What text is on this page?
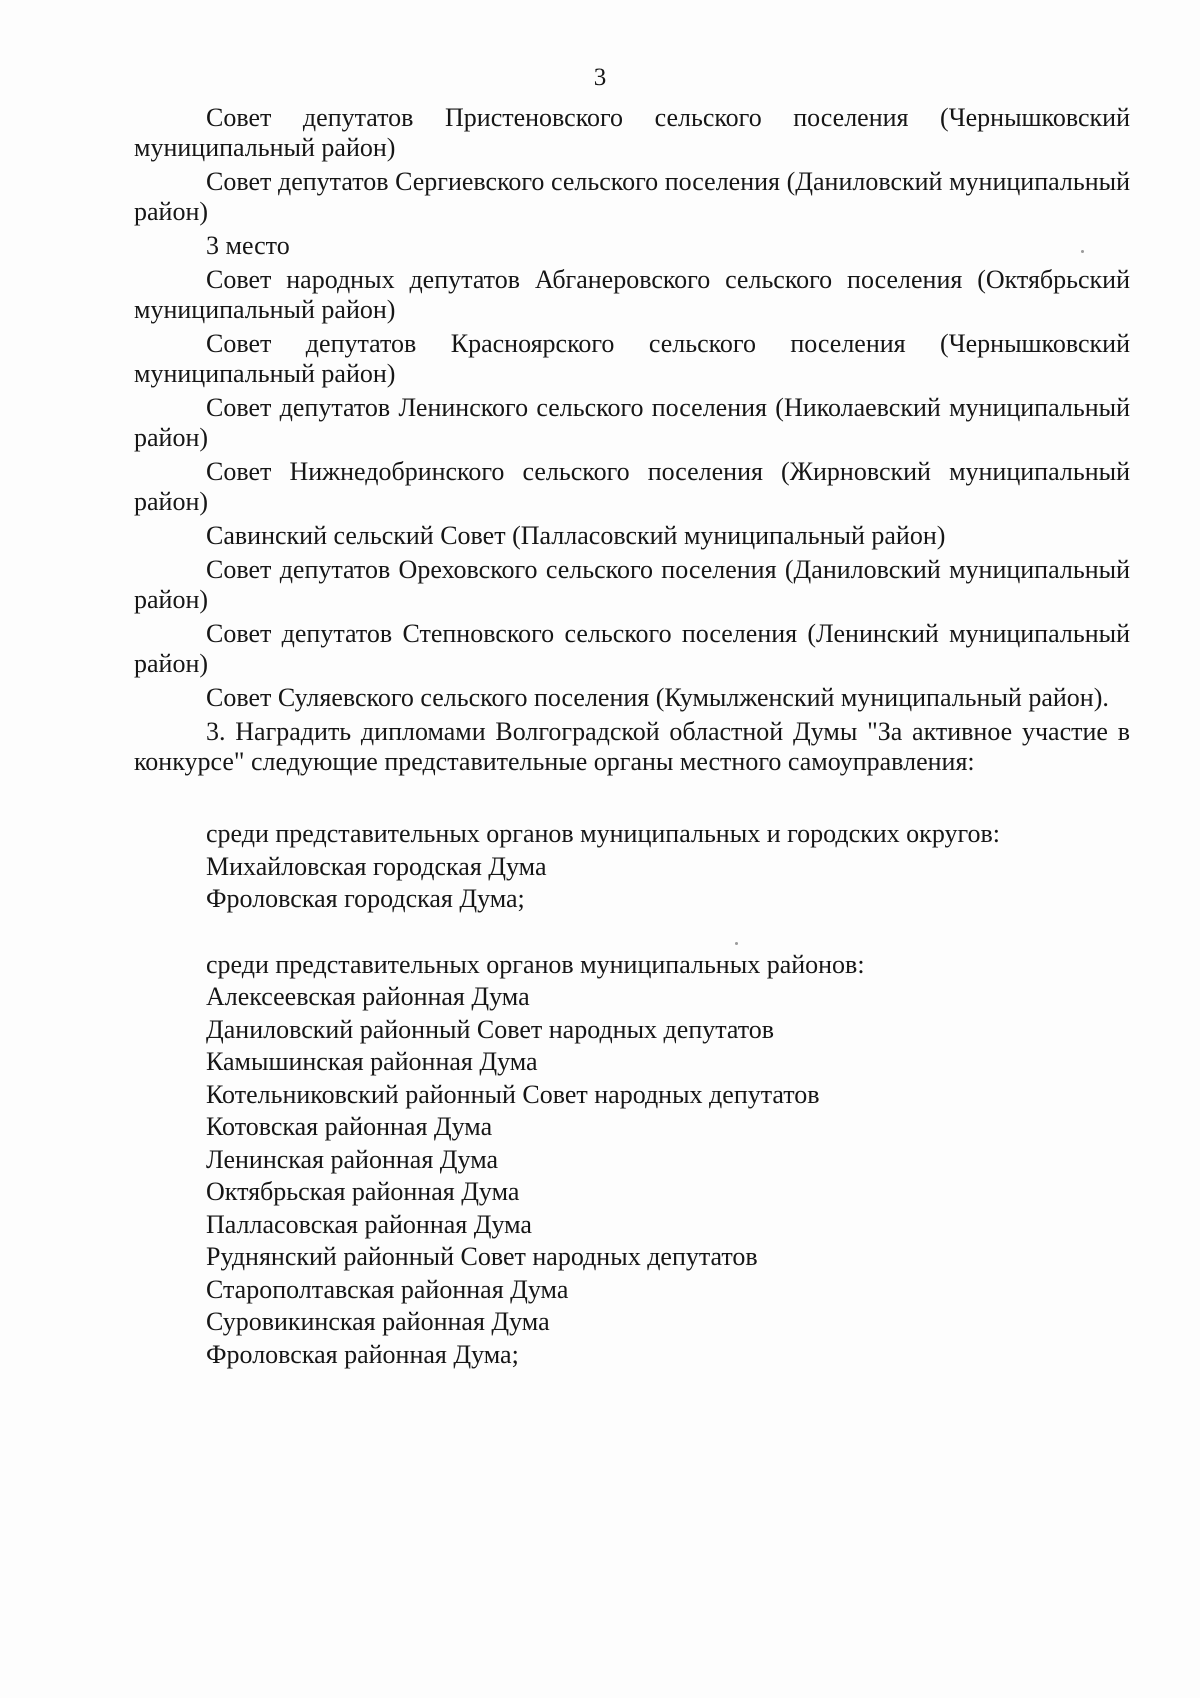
3

Совет депутатов Пристеновского сельского поселения (Чернышковский муниципальный район)

Совет депутатов Сергиевского сельского поселения (Даниловский муниципальный район)

3 место

Совет народных депутатов Абганеровского сельского поселения (Октябрьский муниципальный район)

Совет депутатов Красноярского сельского поселения (Чернышковский муниципальный район)

Совет депутатов Ленинского сельского поселения (Николаевский муниципальный район)

Совет Нижнедобринского сельского поселения (Жирновский муниципальный район)

Савинский сельский Совет (Палласовский муниципальный район)

Совет депутатов Ореховского сельского поселения (Даниловский муниципальный район)

Совет депутатов Степновского сельского поселения (Ленинский муниципальный район)

Совет Суляевского сельского поселения (Кумылженский муниципальный район).

3. Наградить дипломами Волгоградской областной Думы "За активное участие в конкурсе" следующие представительные органы местного самоуправления:

среди представительных органов муниципальных и городских округов:

Михайловская городская Дума

Фроловская городская Дума;

среди представительных органов муниципальных районов:

Алексеевская районная Дума

Даниловский районный Совет народных депутатов

Камышинская районная Дума

Котельниковский районный Совет народных депутатов

Котовская районная Дума

Ленинская районная Дума

Октябрьская районная Дума

Палласовская районная Дума

Руднянский районный Совет народных депутатов

Старополтавская районная Дума

Суровикинская районная Дума

Фроловская районная Дума;
